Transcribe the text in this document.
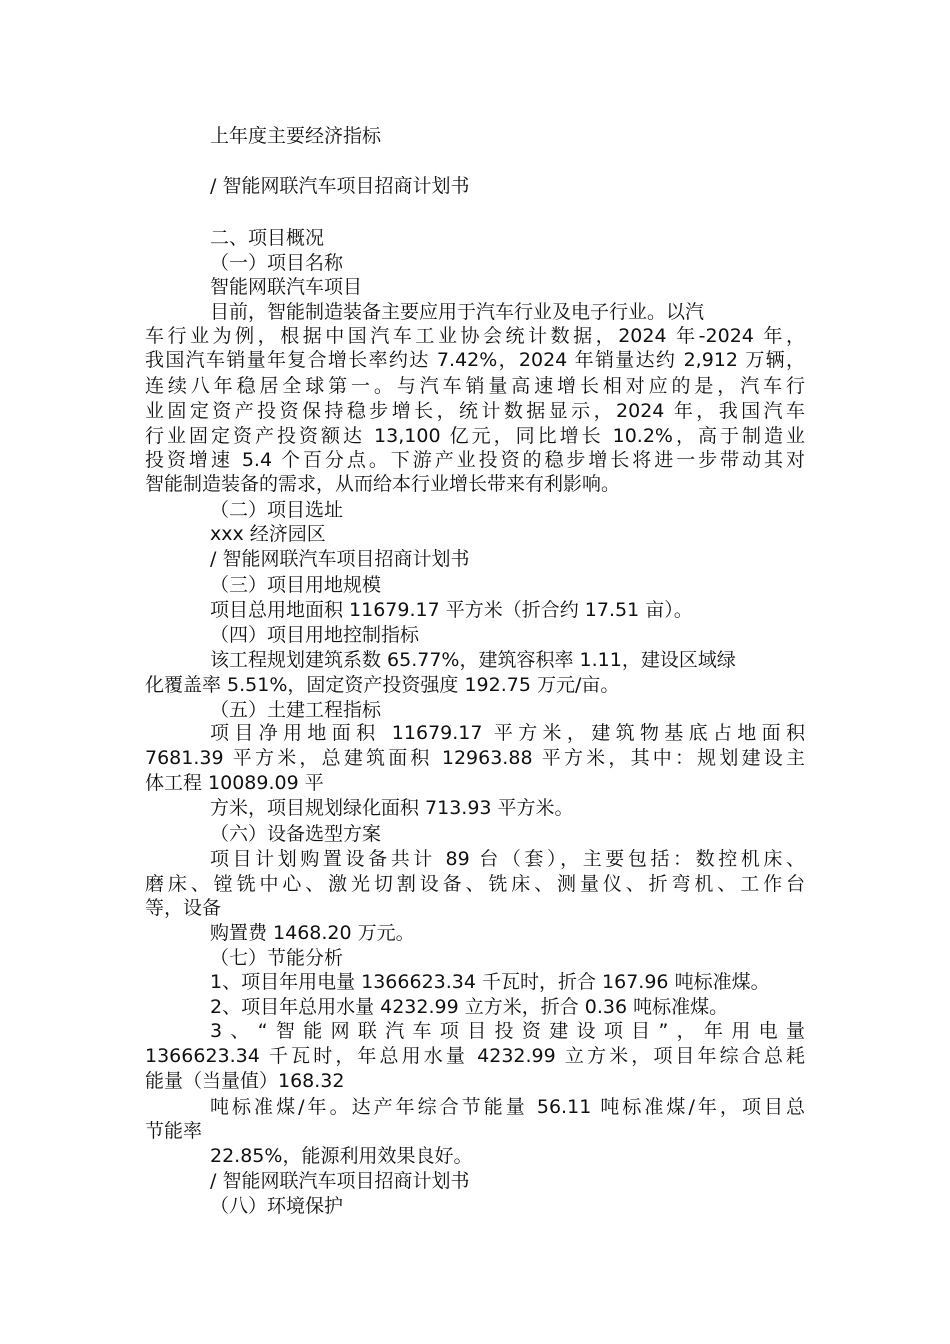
上年度主要经济指标
/ 智能网联汽车项目招商计划书
二、项目概况
（一）项目名称
智能网联汽车项目
目前，智能制造装备主要应用于汽车行业及电子行业。以汽
车行业为例，根据中国汽车工业协会统计数据，2024 年-2024 年，
我国汽车销量年复合增长率约达 7.42%，2024 年销量达约 2,912 万辆，
连续八年稳居全球第一。与汽车销量高速增长相对应的是，汽车行
业固定资产投资保持稳步增长，统计数据显示，2024 年，我国汽车
行业固定资产投资额达 13,100 亿元，同比增长 10.2%，高于制造业
投资增速 5.4 个百分点。下游产业投资的稳步增长将进一步带动其对
智能制造装备的需求，从而给本行业增长带来有利影响。
（二）项目选址
xxx 经济园区
/ 智能网联汽车项目招商计划书
（三）项目用地规模
项目总用地面积 11679.17 平方米（折合约 17.51 亩）。
（四）项目用地控制指标
该工程规划建筑系数 65.77%，建筑容积率 1.11，建设区域绿
化覆盖率 5.51%，固定资产投资强度 192.75 万元/亩。
（五）土建工程指标
项目净用地面积 11679.17 平方米，建筑物基底占地面积
7681.39 平方米，总建筑面积 12963.88 平方米，其中：规划建设主
体工程 10089.09 平
方米，项目规划绿化面积 713.93 平方米。
（六）设备选型方案
项目计划购置设备共计 89 台（套），主要包括：数控机床、
磨床、镗铣中心、激光切割设备、铣床、测量仪、折弯机、工作台
等，设备
购置费 1468.20 万元。
（七）节能分析
1、项目年用电量 1366623.34 千瓦时，折合 167.96 吨标准煤。
2、项目年总用水量 4232.99 立方米，折合 0.36 吨标准煤。
3、“智能网联汽车项目投资建设项目”，年用电量
1366623.34 千瓦时，年总用水量 4232.99 立方米，项目年综合总耗
能量（当量值）168.32
吨标准煤/年。达产年综合节能量 56.11 吨标准煤/年，项目总
节能率
22.85%，能源利用效果良好。
/ 智能网联汽车项目招商计划书
（八）环境保护
